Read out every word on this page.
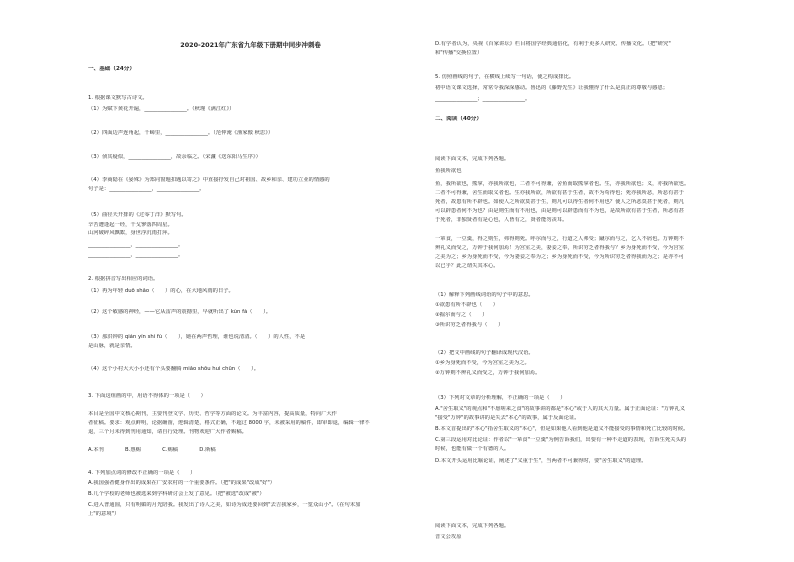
2020-2021年广东省九年级下册期中同步冲刺卷
一、基础（24分）
1. 根据课文默写古诗文。
（1）为赋下黄花开遍，________________。（秋瑾《满江红》）
（2）四面边声连角起，千嶂里，________________。（范仲淹《渔家傲 秋思》）
（3）侦其疑似，________________，故余临之。（宋濂《送东阳马生序》）
（4）李商隐在《晏殊》为郑同窗题扣题以寄之》中直接抒发自己对祖国、故乡和亲、建功立业的情感的
句子是：________________，________________。
（5）曲径天开排的《过零丁洋》默写句。
辛苦遭逢起一经，干戈寥落四周星。
山河破碎风飘絮，身世浮沉雨打萍。
________________，________________。
________________，________________。
2. 根据拼音写出相应的词语。
（1）再为年轻 duō shǎo（　　）的心，在大地风雨的日子。
（2）这个敏感的神经，——它从雷声的震撼里，早就听出了 kùn fá（　　）。
（3）那洪钟的 qián yín shí fù（　　），她在两声哲理，谁也说清清。（　　）的人性，不是
是山脉，就是亲情。
（4）这个小村大大小小还有个头要翻腾 miǎo shōu huì chūn（　　）。
3. 下面这组画的中，用语不得体的一项是（　　）
本目是全国中文核心期刊，主要刊登文学、历史、哲学等方面的论文。为丰富内容，提高质量，特向广大作
者征稿。要求：观点鲜明，论据确凿，逻辑清楚，格式正确，不超过 8000 字，未被采用的稿件，即审即退，编辑一律不
退，三个月未得到刊用通知，请自行处理。刊物欢迎广大作者赐稿。
A.本刊　　　　B.惠赐　　　　C.赐稿　　　　D.斯稿
4. 下列加点词的修改不正确的一项是（　　）
A.我国强者健身作出的成果在广安农村的一个重要条件。（把"的成果"改成"好"）
B.几个学校的老师也被选来到学科研讨会上发了意见。（把"被选"改成"被"）
C.进入普通圆，只有明媚的月光陪我。我发出了诗人之美，如诗为成还要回到"去吉我家乡，一览众山小"。（在句末加
上"的意境"）
D.有学者认为，央视《百家讲坛》栏目将国学经典通俗化，有利于更多人研究、传播文化。（把"研究"
和"传播"交换位置）
5. 仿照画线的句子，在横线上续写一句话，使之构成排比。
初中语文课文选择，常常令我深深感动。鲁迅的《藤野先生》让我懂得了什么是真正的尊敬与感恩；
________________；________________。
二、阅读（40分）
阅读下面文本，完成下列各题。
鱼我所欲也
鱼，我所欲也，熊掌，亦我所欲也，二者不可得兼，舍鱼而取熊掌者也。生，亦我所欲也；义，亦我所欲也。
二者不可得兼，舍生而取义者也。生亦我所欲，所欲有甚于生者，故不为苟得也；死亦我所恶，所恶有甚于
死者，故患有所不辟也。如使人之所欲莫甚于生，则凡可以得生者何不用也？使人之所恶莫甚于死者，则凡
可以辟患者何不为也？由是则生而有不用也，由是则可以辟患而有不为也，是故所欲有甚于生者，所恶有甚
于死者，非独贤者有是心也，人皆有之，贤者能勿丧耳。
一箪食，一豆羹，得之则生，弗得则死。呼尔而与之，行道之人弗受；蹴尔而与之，乞人不屑也。万钟则不
辨礼义而受之，万钟于我何加焉！为宫室之美，妻妾之奉，所识穷乏者得我与？乡为身死而不受，今为宫室
之美为之；乡为身死而不受，今为妻妾之奉为之；乡为身死而不受，今为所识穷乏者得我而为之；是亦不可
以已乎？此之谓失其本心。
（1）解释下列画线词语的句子中的意思。
①欲患有所不辟也（　　）
②掘尔而与之（　　）
③所识穷乏者得我与（　　）
（2）把文中画线的句子翻译成现代汉语。
①乡为身死而不受，今为宫室之美为之。
②万钟则不辨礼义而受之，万钟于我何加焉。
（3）下列对文章的分析理解，不正确的一项是（　　）
A."舍生取义"的观点和"不愿嗟来之食"的故事讲的都是"本心"或于人的其大力量。属于正面论证："万钟礼义
"接受"万钟"的故事讲的是失去"本心"的故事，属于反面论证。
B.本文首提出的"本心"指舍生取义的"本心"，但是如果他人看到他是道义不能接受的事情和死亡比较的时候。
C.第三段运用对比论证：作者以"一箪食"一豆羹"为例告诉我们，出要有一种不走道的表现，告诉生死关头的
时候，也能有做一个有德的人。
D.本文开头运用比喻论证，阐述了"义重于生"，当两者不可兼得时，要"舍生取义"的道理。
阅读下面文本，完成下列各题。
晋文公攻原
